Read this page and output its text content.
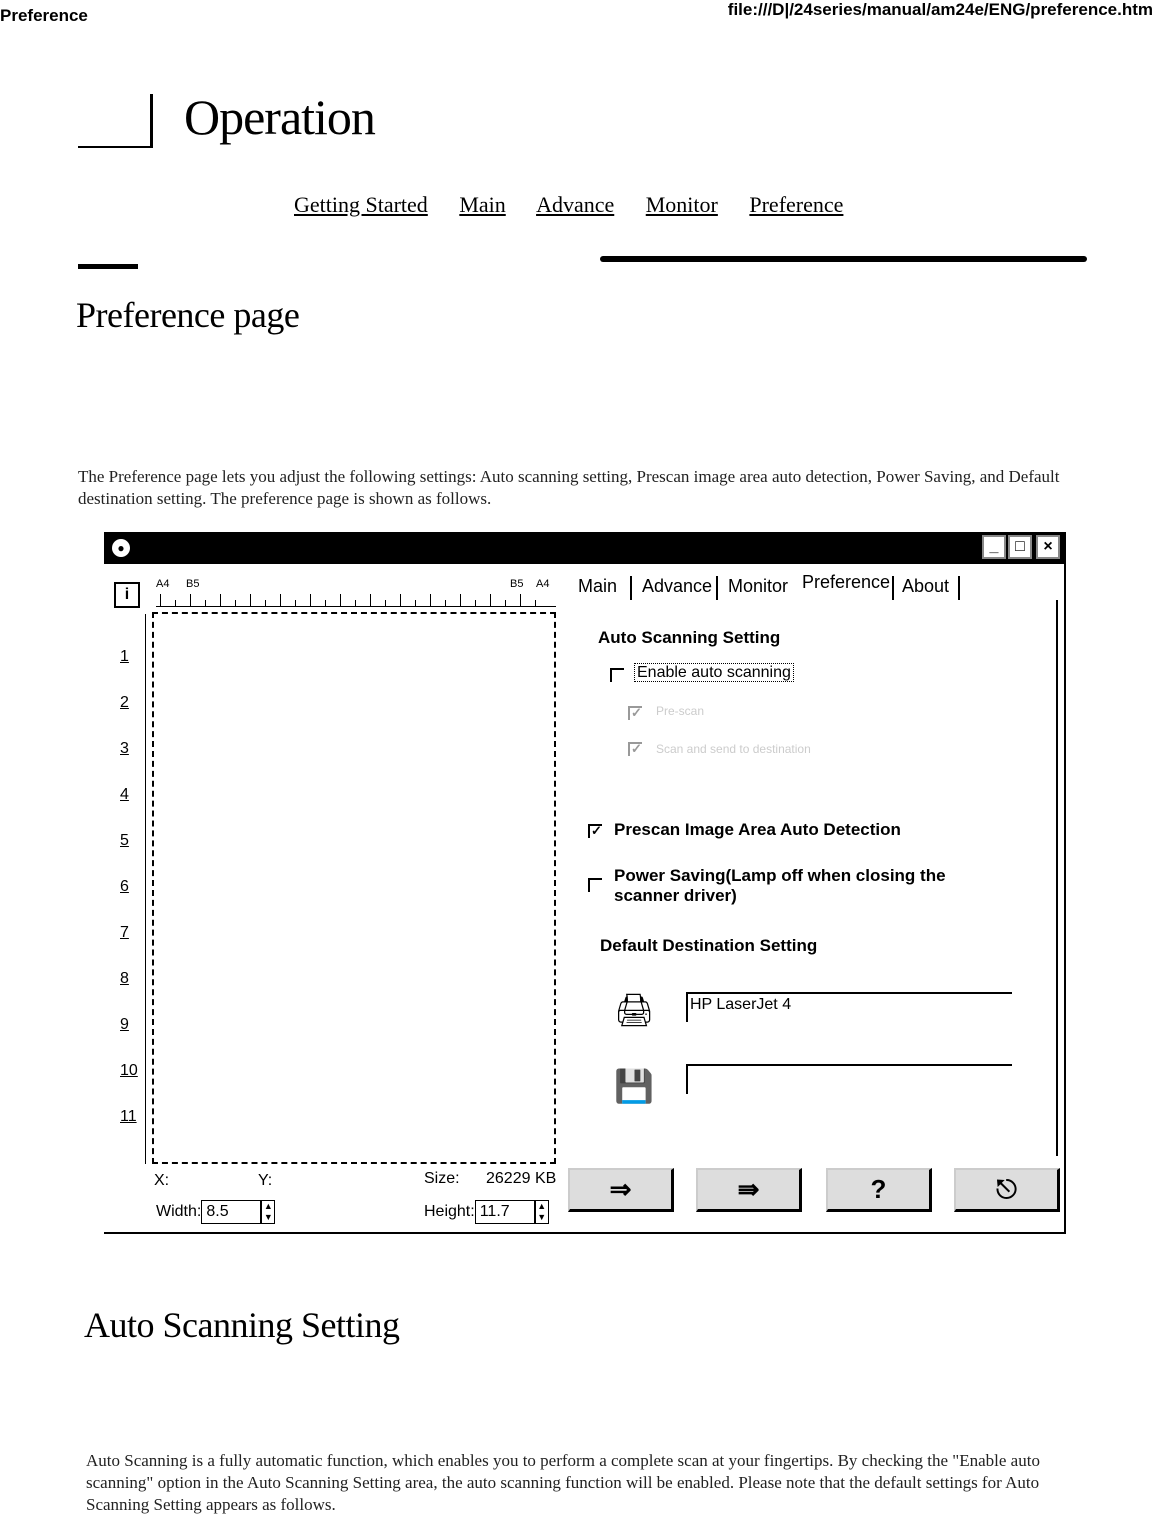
Preference	file:///D|/24series/manual/am24e/ENG/preference.htm
Operation
Getting Started Main Advance Monitor Preference
Preference page
The Preference page lets you adjust the following settings: Auto scanning setting, Prescan image area auto detection, Power Saving, and Default destination setting. The preference page is shown as follows.
●	_	□	×
i
A4 B5	B5 A4
1
2
3
4
5
6
7
8
9
10
11
X:	Y:	Size: 26229 KB
Width: 8.5	▲
▼	Height: 11.7	▲
▼
Main Advance Monitor Preference About
Auto Scanning Setting
Enable auto scanning
✓
Pre-scan
✓
Scan and send to destination
✓
Prescan Image Area Auto Detection
Power Saving(Lamp off when closing the
scanner driver)
Default Destination Setting
🖨 HP LaserJet 4
💾
⇒	⇛	?	⎋
Auto Scanning Setting
Auto Scanning is a fully automatic function, which enables you to perform a complete scan at your fingertips. By checking the "Enable auto scanning" option in the Auto Scanning Setting area, the auto scanning function will be enabled. Please note that the default settings for Auto Scanning Setting appears as follows.
